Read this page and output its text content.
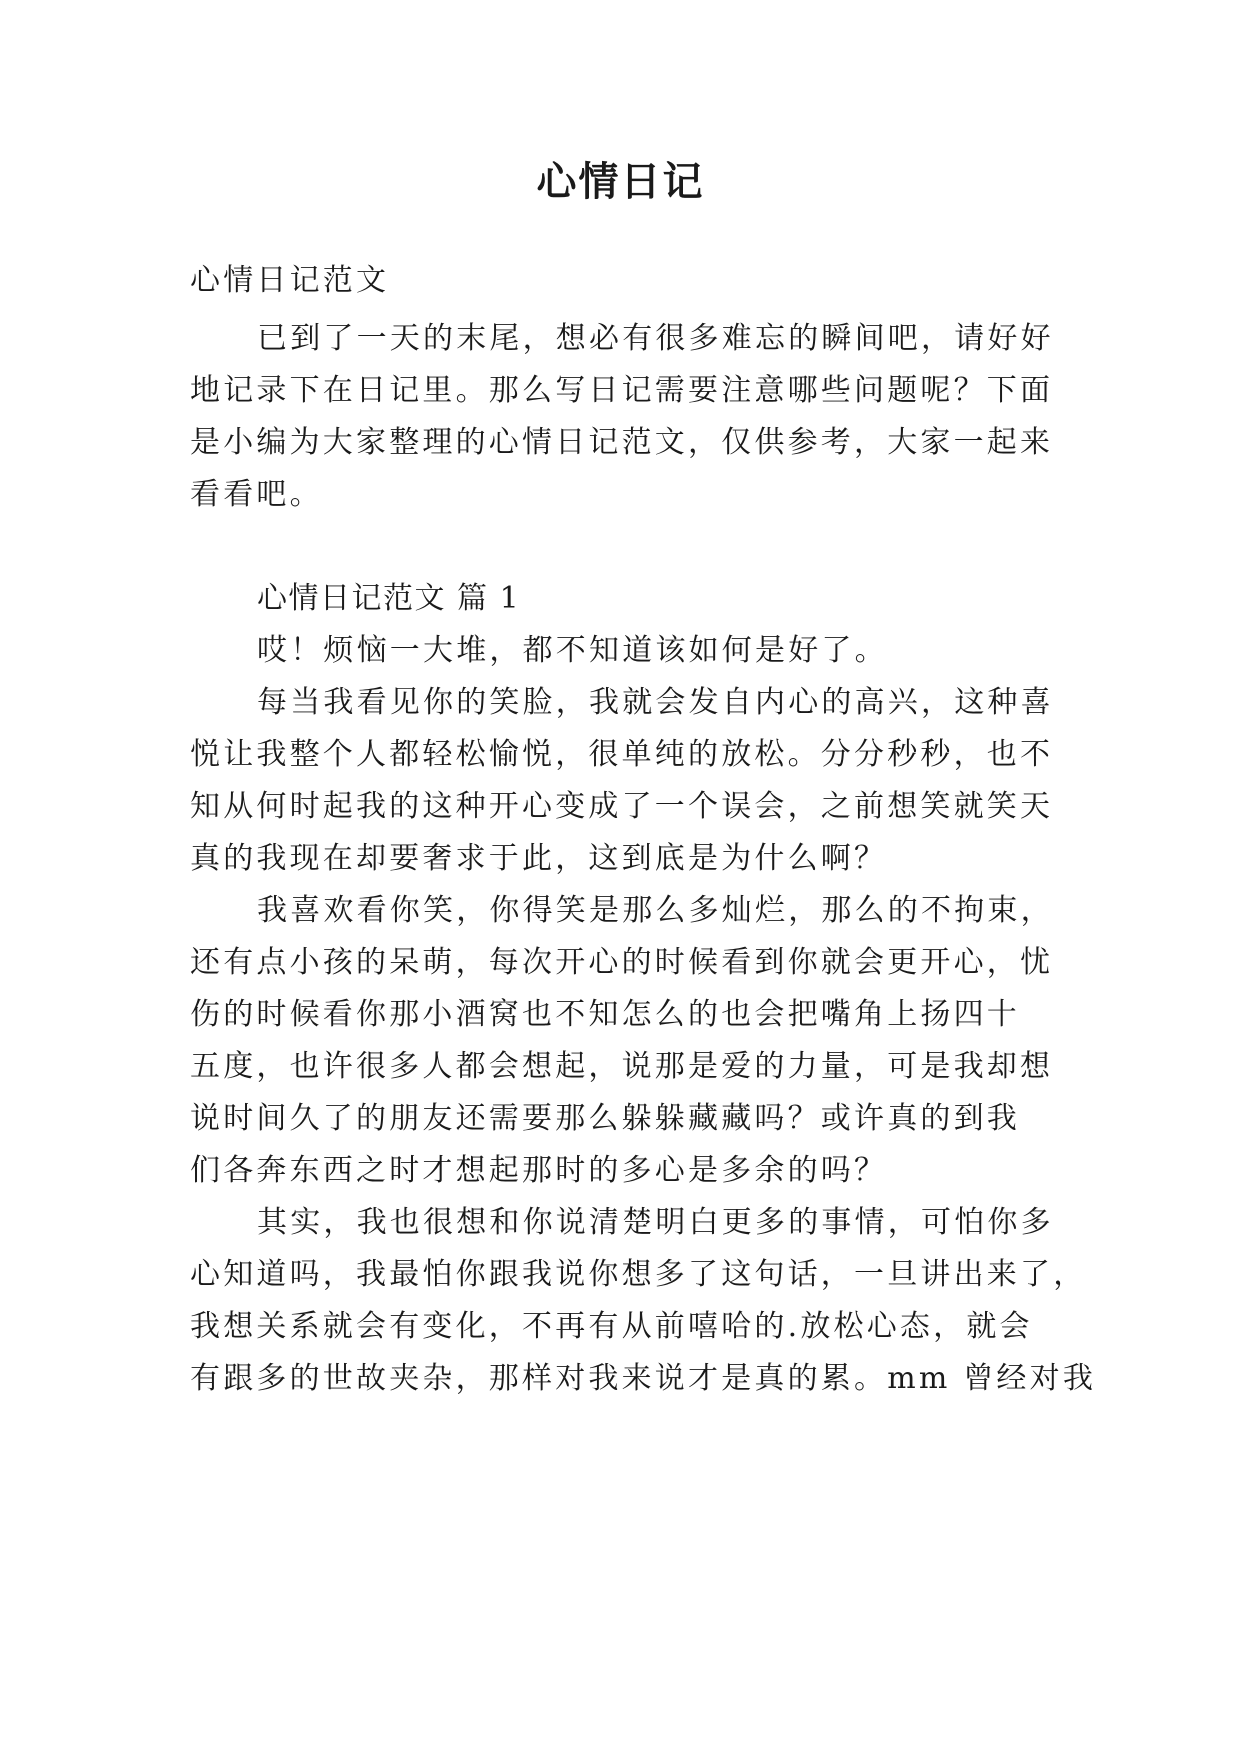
心情日记

心情日记范文

已到了一天的末尾，想必有很多难忘的瞬间吧，请好好

地记录下在日记里。那么写日记需要注意哪些问题呢？下面

是小编为大家整理的心情日记范文，仅供参考，大家一起来

看看吧。

心情日记范文 篇 1

哎！烦恼一大堆，都不知道该如何是好了。

每当我看见你的笑脸，我就会发自内心的高兴，这种喜

悦让我整个人都轻松愉悦，很单纯的放松。分分秒秒，也不

知从何时起我的这种开心变成了一个误会，之前想笑就笑天

真的我现在却要奢求于此，这到底是为什么啊？

我喜欢看你笑，你得笑是那么多灿烂，那么的不拘束，

还有点小孩的呆萌，每次开心的时候看到你就会更开心，忧

伤的时候看你那小酒窝也不知怎么的也会把嘴角上扬四十

五度，也许很多人都会想起，说那是爱的力量，可是我却想

说时间久了的朋友还需要那么躲躲藏藏吗？或许真的到我

们各奔东西之时才想起那时的多心是多余的吗？

其实，我也很想和你说清楚明白更多的事情，可怕你多

心知道吗，我最怕你跟我说你想多了这句话，一旦讲出来了，

我想关系就会有变化，不再有从前嘻哈的.放松心态，就会

有跟多的世故夹杂，那样对我来说才是真的累。mm 曾经对我
